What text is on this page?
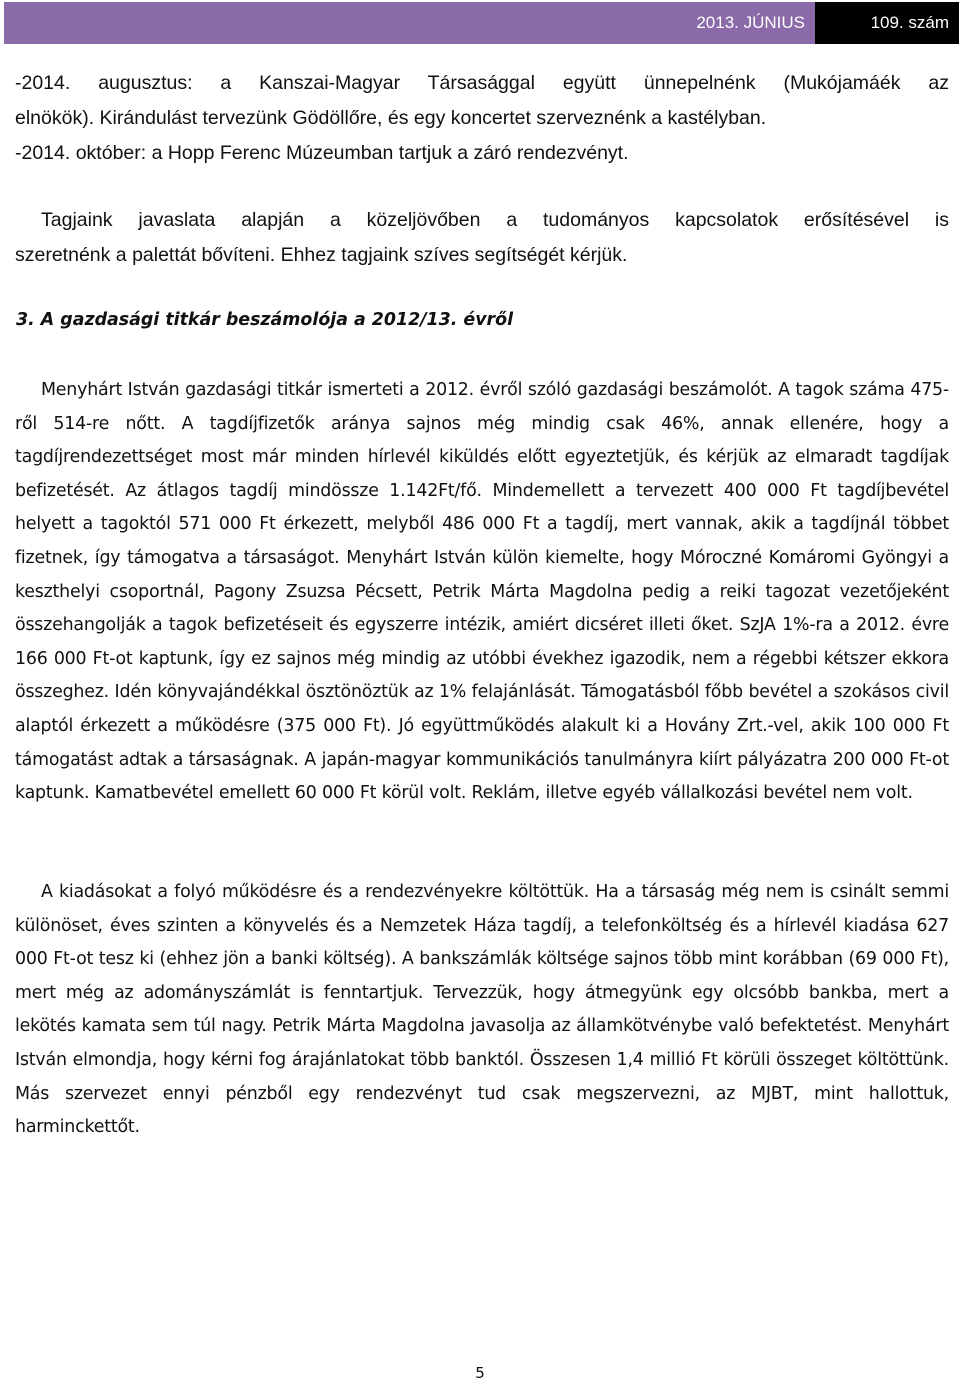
2013. JÚNIUS	109. szám
-2014. augusztus: a Kanszai-Magyar Társasággal együtt ünnepelnénk (Mukójamáék az
elnökök). Kirándulást tervezünk Gödöllőre, és egy koncertet szerveznénk a kastélyban.
-2014. október: a Hopp Ferenc Múzeumban tartjuk a záró rendezvényt.
Tagjaink javaslata alapján a közeljövőben a tudományos kapcsolatok erősítésével is
szeretnénk a palettát bővíteni. Ehhez tagjaink szíves segítségét kérjük.
3. A gazdasági titkár beszámolója a 2012/13. évről

Menyhárt István gazdasági titkár ismerteti a 2012. évről szóló gazdasági beszámolót. A tagok száma 475-ről 514-re nőtt. A tagdíjfizetők aránya sajnos még mindig csak 46%, annak ellenére, hogy a tagdíjrendezettséget most már minden hírlevél kiküldés előtt egyeztetjük, és kérjük az elmaradt tagdíjak befizetését. Az átlagos tagdíj mindössze 1.142Ft/fő. Mindemellett a tervezett 400 000 Ft tagdíjbevétel helyett a tagoktól 571 000 Ft érkezett, melyből 486 000 Ft a tagdíj, mert vannak, akik a tagdíjnál többet fizetnek, így támogatva a társaságot. Menyhárt István külön kiemelte, hogy Móroczné Komáromi Gyöngyi a keszthelyi csoportnál, Pagony Zsuzsa Pécsett, Petrik Márta Magdolna pedig a reiki tagozat vezetőjeként összehangolják a tagok befizetéseit és egyszerre intézik, amiért dicséret illeti őket. SzJA 1%-ra a 2012. évre 166 000 Ft-ot kaptunk, így ez sajnos még mindig az utóbbi évekhez igazodik, nem a régebbi kétszer ekkora összeghez. Idén könyvajándékkal ösztönöztük az 1% felajánlását. Támogatásból főbb bevétel a szokásos civil alaptól érkezett a működésre (375 000 Ft). Jó együttműködés alakult ki a Hovány Zrt.-vel, akik 100 000 Ft támogatást adtak a társaságnak. A japán-magyar kommunikációs tanulmányra kiírt pályázatra 200 000 Ft-ot kaptunk. Kamatbevétel emellett 60 000 Ft körül volt. Reklám, illetve egyéb vállalkozási bevétel nem volt.

A kiadásokat a folyó működésre és a rendezvényekre költöttük. Ha a társaság még nem is csinált semmi különöset, éves szinten a könyvelés és a Nemzetek Háza tagdíj, a telefonköltség és a hírlevél kiadása 627 000 Ft-ot tesz ki (ehhez jön a banki költség). A bankszámlák költsége sajnos több mint korábban (69 000 Ft), mert még az adományszámlát is fenntartjuk. Tervezzük, hogy átmegyünk egy olcsóbb bankba, mert a lekötés kamata sem túl nagy. Petrik Márta Magdolna javasolja az államkötvénybe való befektetést. Menyhárt István elmondja, hogy kérni fog árajánlatokat több banktól. Összesen 1,4 millió Ft körüli összeget költöttünk. Más szervezet ennyi pénzből egy rendezvényt tud csak megszervezni, az MJBT, mint hallottuk, harminckettőt.

5
